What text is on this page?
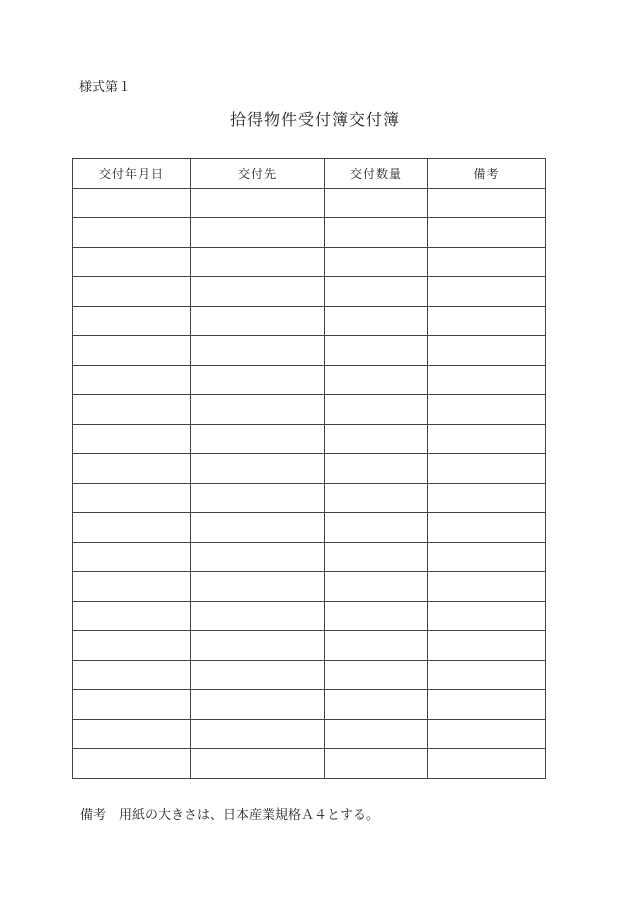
様式第１
拾得物件受付簿交付簿
交付年月日	交付先	交付数量	備考

備考　用紙の大きさは、日本産業規格Ａ４とする。
